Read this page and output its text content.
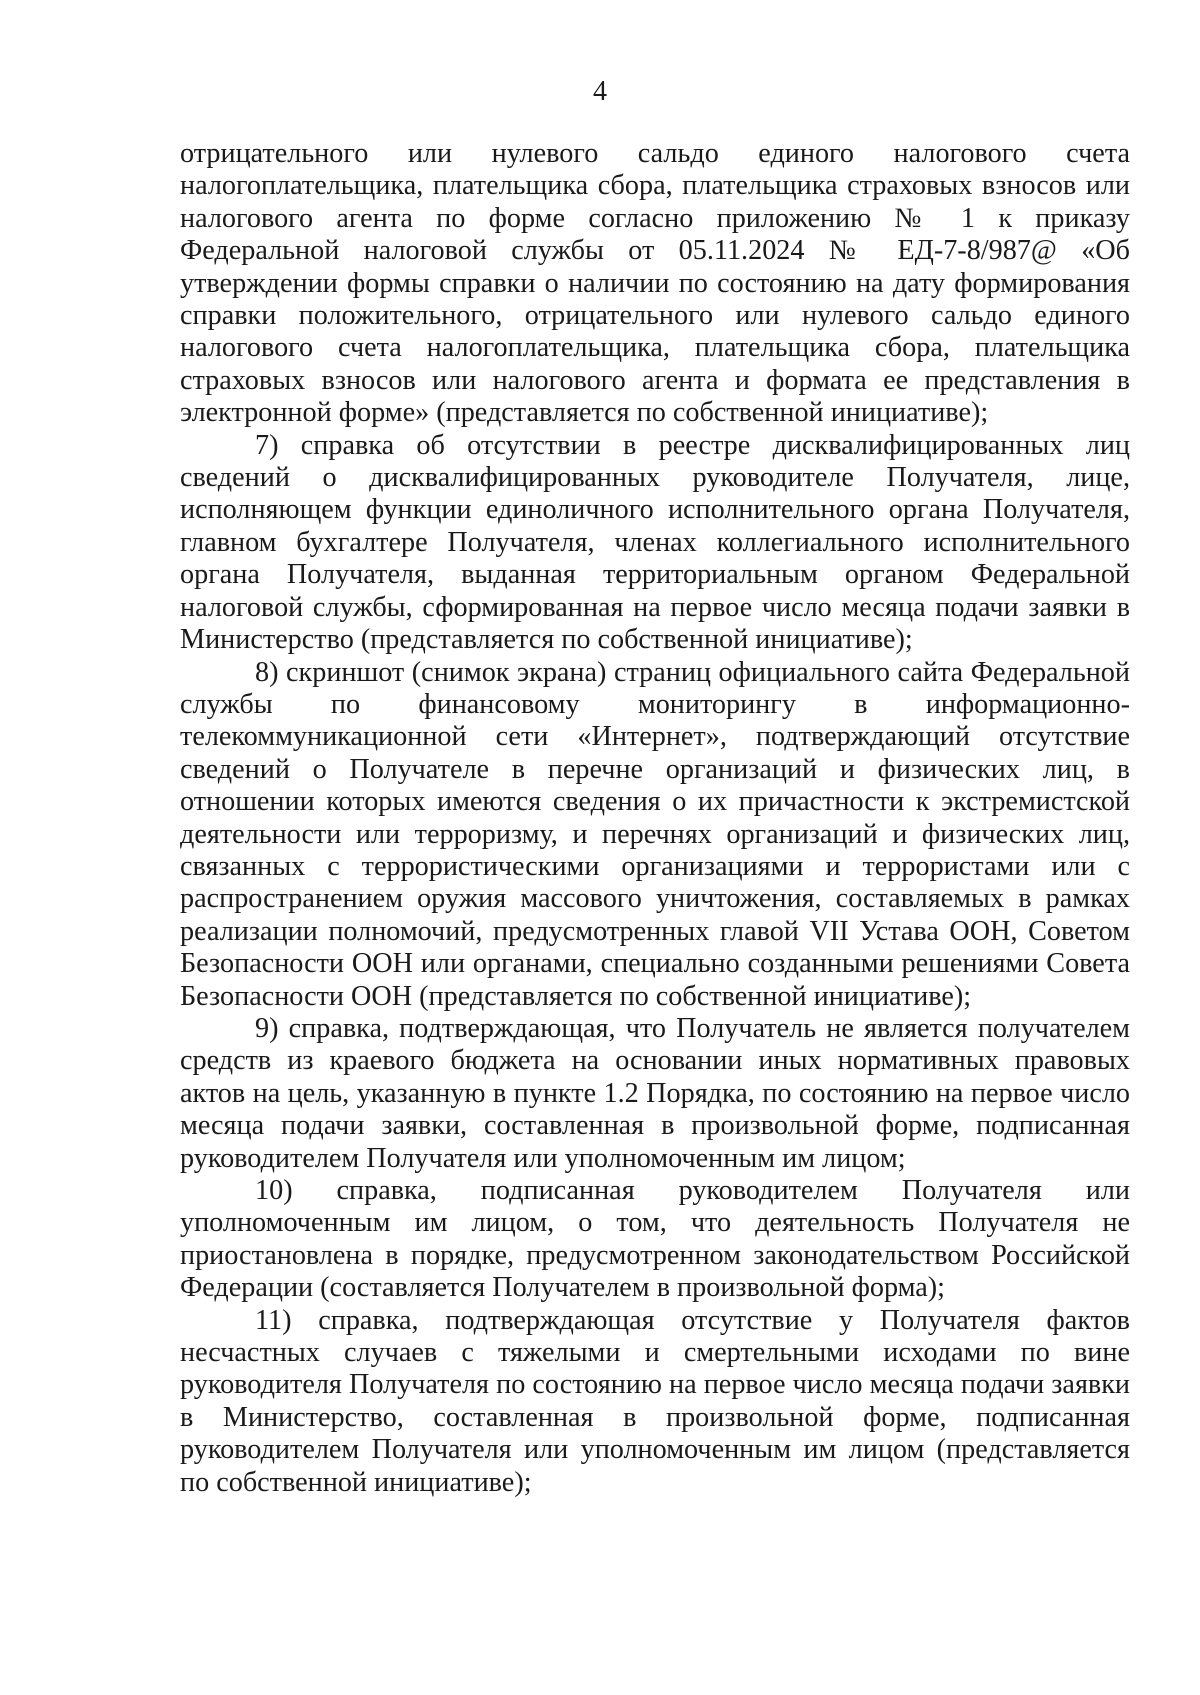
4

отрицательного или нулевого сальдо единого налогового счета налогоплательщика, плательщика сбора, плательщика страховых взносов или налогового агента по форме согласно приложению № 1 к приказу Федеральной налоговой службы от 05.11.2024 № ЕД-7-8/987@ «Об утверждении формы справки о наличии по состоянию на дату формирования справки положительного, отрицательного или нулевого сальдо единого налогового счета налогоплательщика, плательщика сбора, плательщика страховых взносов или налогового агента и формата ее представления в электронной форме» (представляется по собственной инициативе);

7) справка об отсутствии в реестре дисквалифицированных лиц сведений о дисквалифицированных руководителе Получателя, лице, исполняющем функции единоличного исполнительного органа Получателя, главном бухгалтере Получателя, членах коллегиального исполнительного органа Получателя, выданная территориальным органом Федеральной налоговой службы, сформированная на первое число месяца подачи заявки в Министерство (представляется по собственной инициативе);

8) скриншот (снимок экрана) страниц официального сайта Федеральной службы по финансовому мониторингу в информационно-телекоммуникационной сети «Интернет», подтверждающий отсутствие сведений о Получателе в перечне организаций и физических лиц, в отношении которых имеются сведения о их причастности к экстремистской деятельности или терроризму, и перечнях организаций и физических лиц, связанных с террористическими организациями и террористами или с распространением оружия массового уничтожения, составляемых в рамках реализации полномочий, предусмотренных главой VII Устава ООН, Советом Безопасности ООН или органами, специально созданными решениями Совета Безопасности ООН (представляется по собственной инициативе);

9) справка, подтверждающая, что Получатель не является получателем средств из краевого бюджета на основании иных нормативных правовых актов на цель, указанную в пункте 1.2 Порядка, по состоянию на первое число месяца подачи заявки, составленная в произвольной форме, подписанная руководителем Получателя или уполномоченным им лицом;

10) справка, подписанная руководителем Получателя или уполномоченным им лицом, о том, что деятельность Получателя не приостановлена в порядке, предусмотренном законодательством Российской Федерации (составляется Получателем в произвольной форма);

11) справка, подтверждающая отсутствие у Получателя фактов несчастных случаев с тяжелыми и смертельными исходами по вине руководителя Получателя по состоянию на первое число месяца подачи заявки в Министерство, составленная в произвольной форме, подписанная руководителем Получателя или уполномоченным им лицом (представляется по собственной инициативе);
